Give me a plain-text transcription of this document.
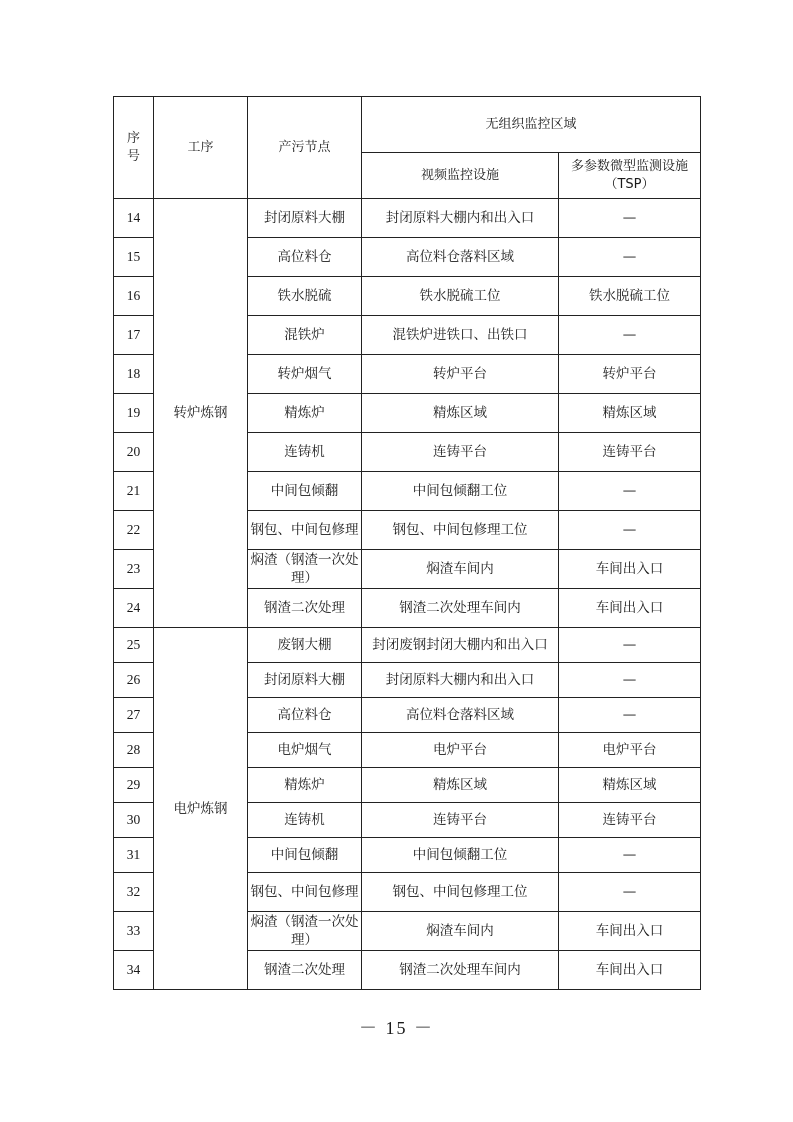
序号	工序	产污节点	无组织监控区域	
			视频监控设施	多参数微型监测设施
（TSP）

14	转炉炼钢	封闭原料大棚	封闭原料大棚内和出入口	—
15		高位料仓	高位料仓落料区域	—
16		铁水脱硫	铁水脱硫工位	铁水脱硫工位
17		混铁炉	混铁炉进铁口、出铁口	—
18		转炉烟气	转炉平台	转炉平台
19		精炼炉	精炼区域	精炼区域
20		连铸机	连铸平台	连铸平台
21		中间包倾翻	中间包倾翻工位	—
22		钢包、中间包修理	钢包、中间包修理工位	—
23		焖渣（钢渣一次处理）	焖渣车间内	车间出入口
24		钢渣二次处理	钢渣二次处理车间内	车间出入口
25	电炉炼钢	废钢大棚	封闭废钢封闭大棚内和出入口	—
26		封闭原料大棚	封闭原料大棚内和出入口	—
27		高位料仓	高位料仓落料区域	—
28		电炉烟气	电炉平台	电炉平台
29		精炼炉	精炼区域	精炼区域
30		连铸机	连铸平台	连铸平台
31		中间包倾翻	中间包倾翻工位	—
32		钢包、中间包修理	钢包、中间包修理工位	—
33		焖渣（钢渣一次处理）	焖渣车间内	车间出入口
34		钢渣二次处理	钢渣二次处理车间内	车间出入口
－ 15 －
